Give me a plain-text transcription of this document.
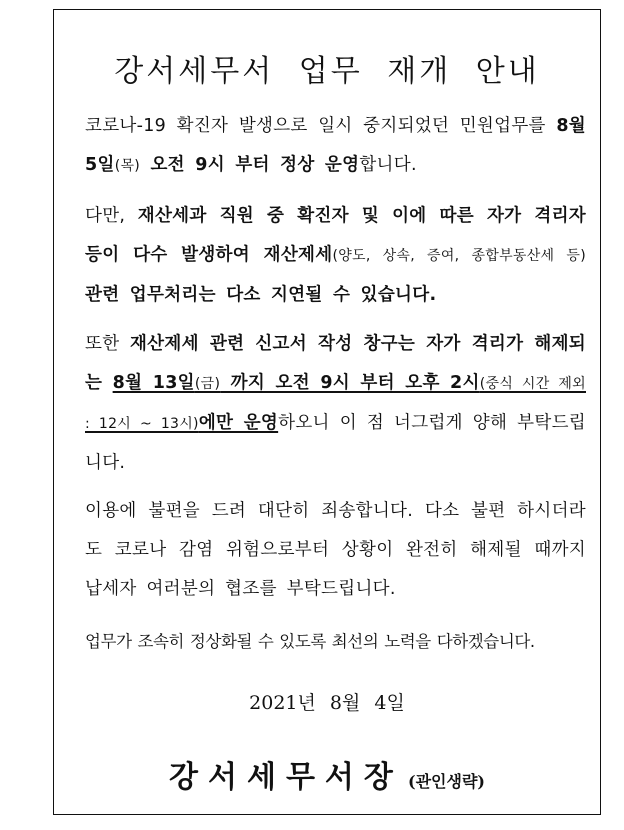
강서세무서 업무 재개 안내

코로나-19 확진자 발생으로 일시 중지되었던 민원업무를 8월 5일(목) 오전 9시 부터 정상 운영합니다.

다만, 재산세과 직원 중 확진자 및 이에 따른 자가 격리자 등이 다수 발생하여 재산제세(양도, 상속, 증여, 종합부동산세 등) 관련 업무처리는 다소 지연될 수 있습니다.

또한 재산제세 관련 신고서 작성 창구는 자가 격리가 해제되는 8월 13일(금) 까지 오전 9시 부터 오후 2시(중식 시간 제외 : 12시 ~ 13시)에만 운영하오니 이 점 너그럽게 양해 부탁드립니다.

이용에 불편을 드려 대단히 죄송합니다. 다소 불편 하시더라도 코로나 감염 위험으로부터 상황이 완전히 해제될 때까지 납세자 여러분의 협조를 부탁드립니다.

업무가 조속히 정상화될 수 있도록 최선의 노력을 다하겠습니다.

2021년 8월 4일
강서세무서장 (관인생략)
